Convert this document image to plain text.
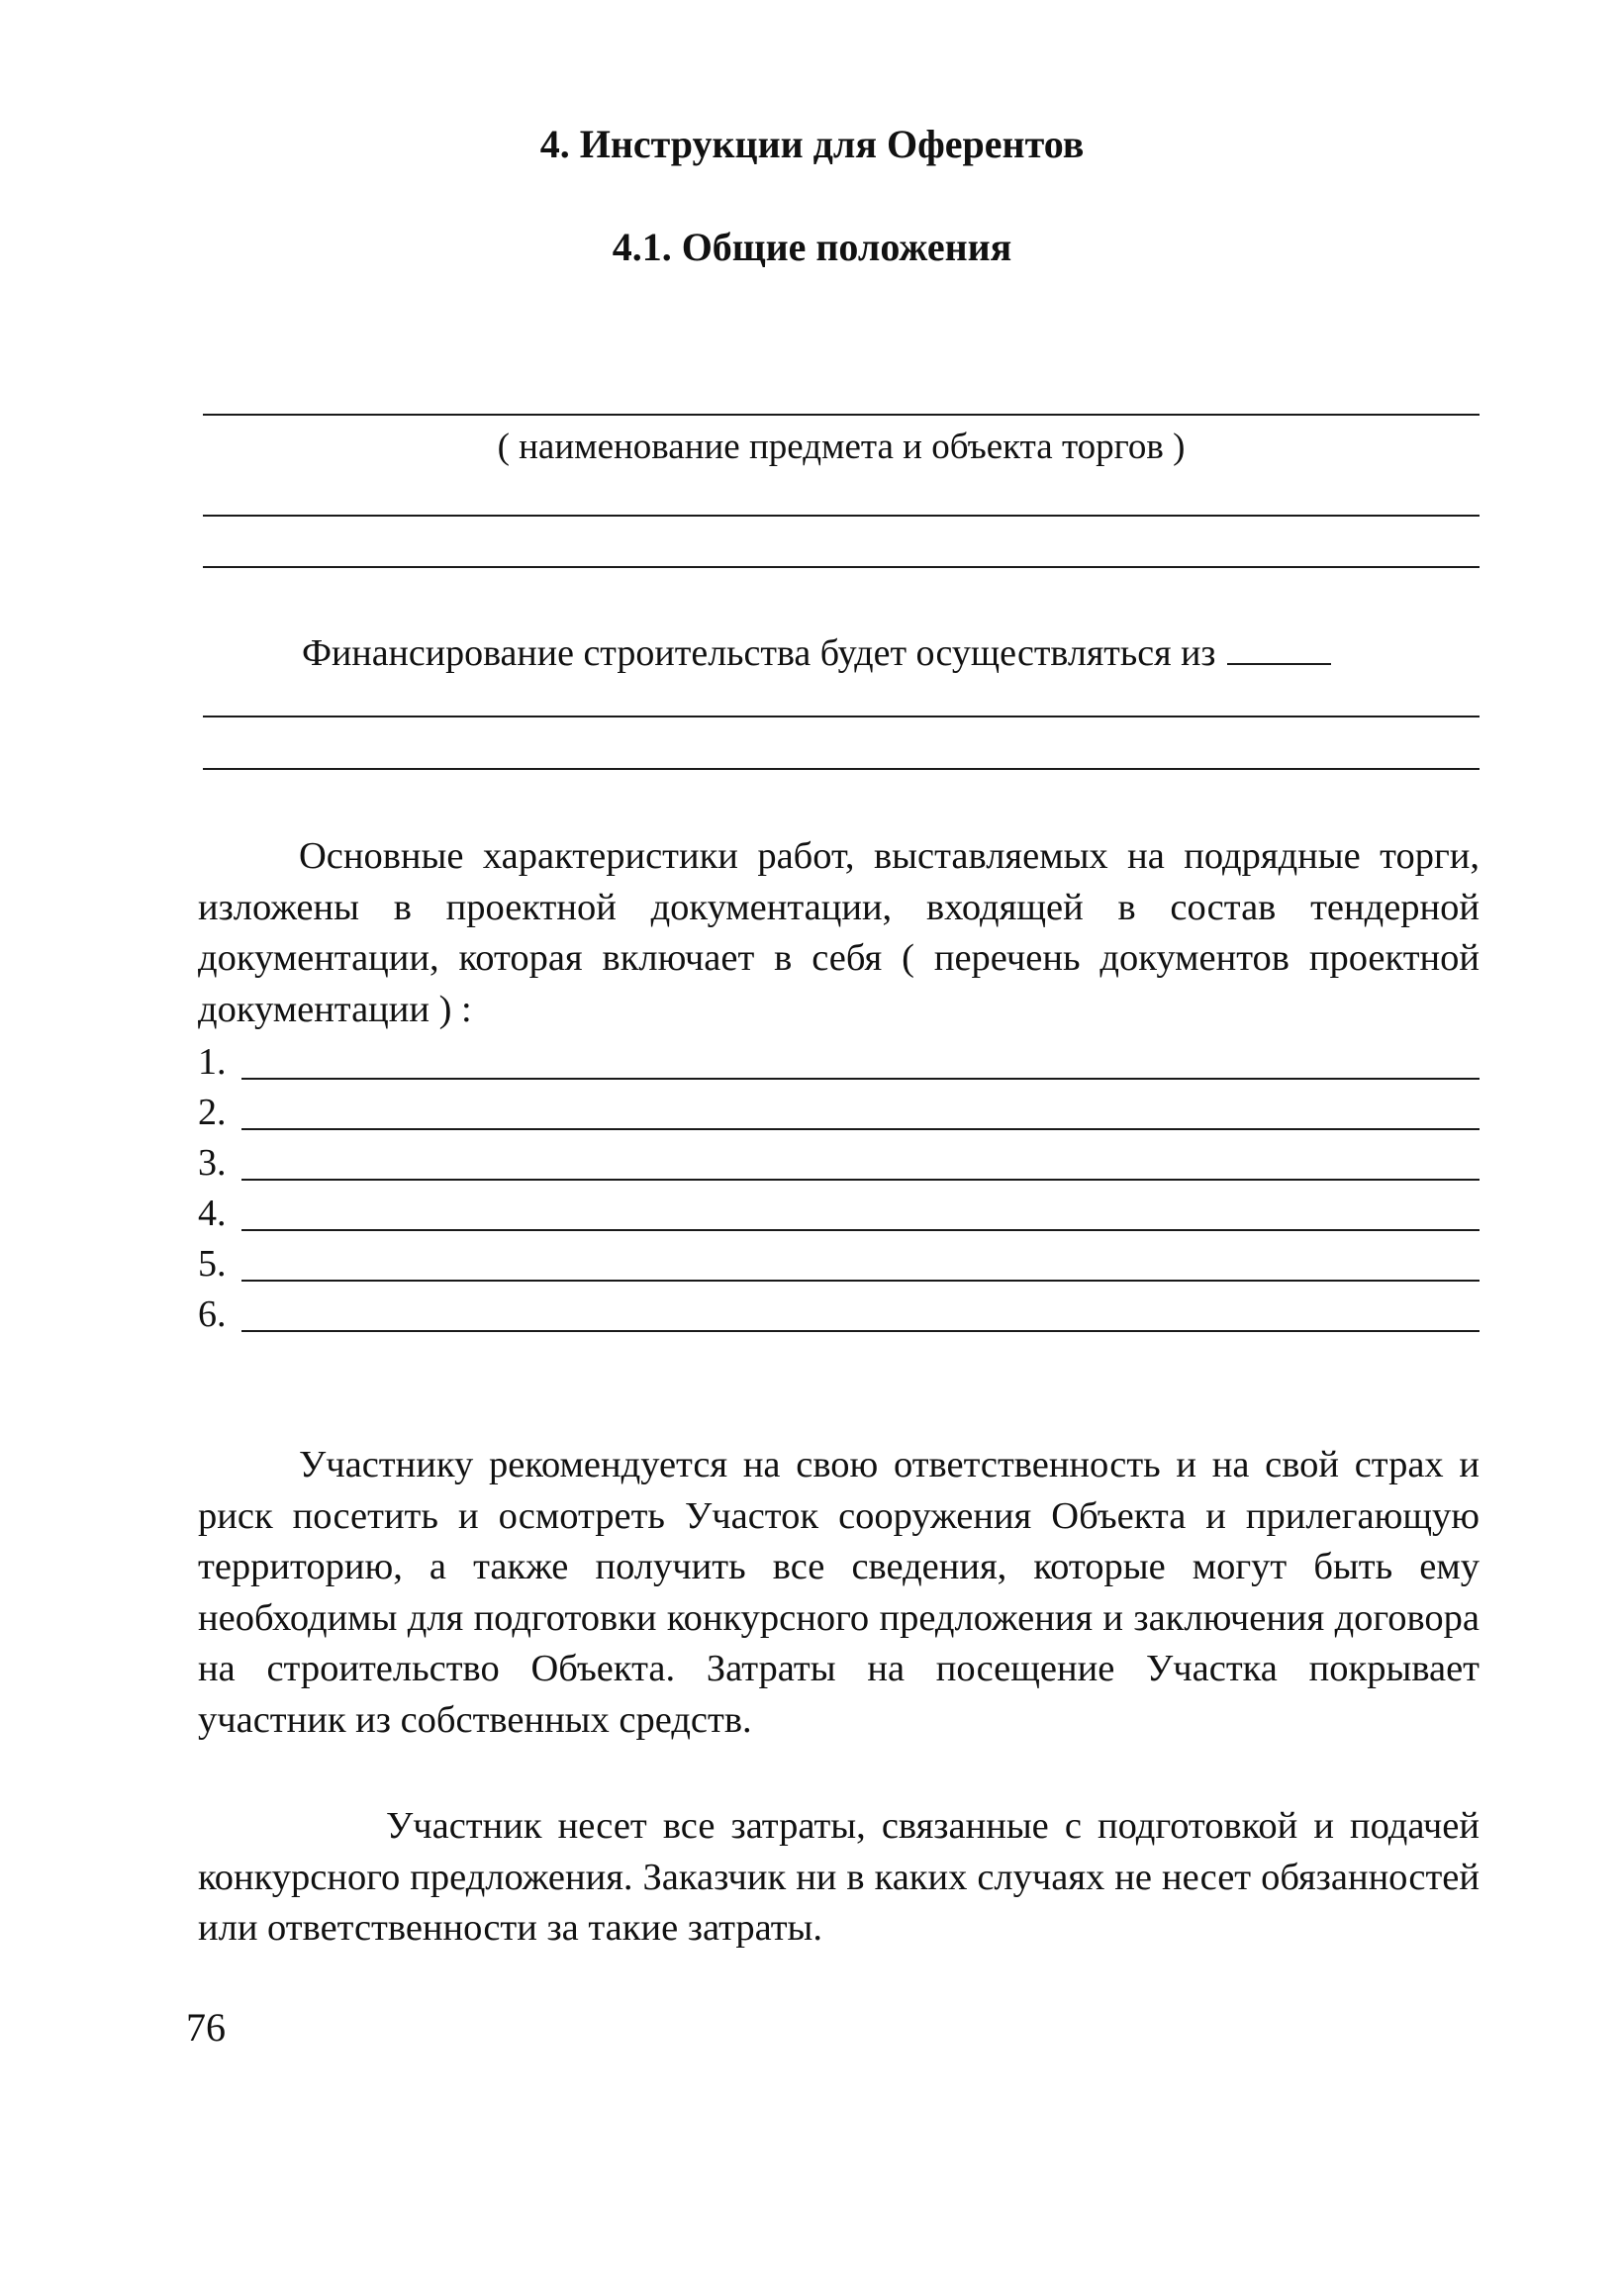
4. Инструкции для Оферентов
4.1. Общие положения
( наименование предмета и объекта торгов )
Финансирование строительства будет осуществляться из

Основные характеристики работ, выставляемых на подрядные торги, изложены в проектной документации, входящей в состав тендерной документации, которая включает в себя ( перечень документов проектной документации ) :

1.
2.
3.
4.
5.
6.

Участнику рекомендуется на свою ответственность и на свой страх и риск посетить и осмотреть Участок сооружения Объекта и прилегающую территорию, а также получить все сведения, которые могут быть ему необходимы для подготовки конкурсного предложения и заключения договора на строительство Объекта. Затраты на посещение Участка покрывает участник из собственных средств.

Участник несет все затраты, связанные с подготовкой и подачей конкурсного предложения. Заказчик ни в каких случаях не несет обязанностей или ответственности за такие затраты.

76
